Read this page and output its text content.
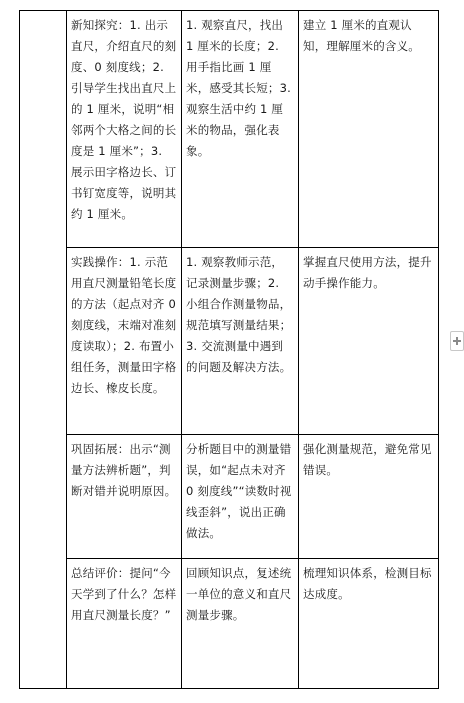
	新知探究：1. 出示直尺，介绍直尺的刻度、0 刻度线；2. 引导学生找出直尺上的 1 厘米，说明“相邻两个大格之间的长度是 1 厘米”；3. 展示田字格边长、订书钉宽度等，说明其约 1 厘米。	1. 观察直尺，找出 1 厘米的长度；2. 用手指比画 1 厘米，感受其长短；3. 观察生活中约 1 厘米的物品，强化表象。	建立 1 厘米的直观认知，理解厘米的含义。
	实践操作：1. 示范用直尺测量铅笔长度的方法（起点对齐 0 刻度线，末端对准刻度读取）；2. 布置小组任务，测量田字格边长、橡皮长度。	1. 观察教师示范，记录测量步骤；2. 小组合作测量物品，规范填写测量结果；3. 交流测量中遇到的问题及解决方法。	掌握直尺使用方法，提升动手操作能力。
	巩固拓展：出示“测量方法辨析题”，判断对错并说明原因。	分析题目中的测量错误，如“起点未对齐 0 刻度线”“读数时视线歪斜”，说出正确做法。	强化测量规范，避免常见错误。
	总结评价：提问“今天学到了什么？怎样用直尺测量长度？”	回顾知识点，复述统一单位的意义和直尺测量步骤。	梳理知识体系，检测目标达成度。
